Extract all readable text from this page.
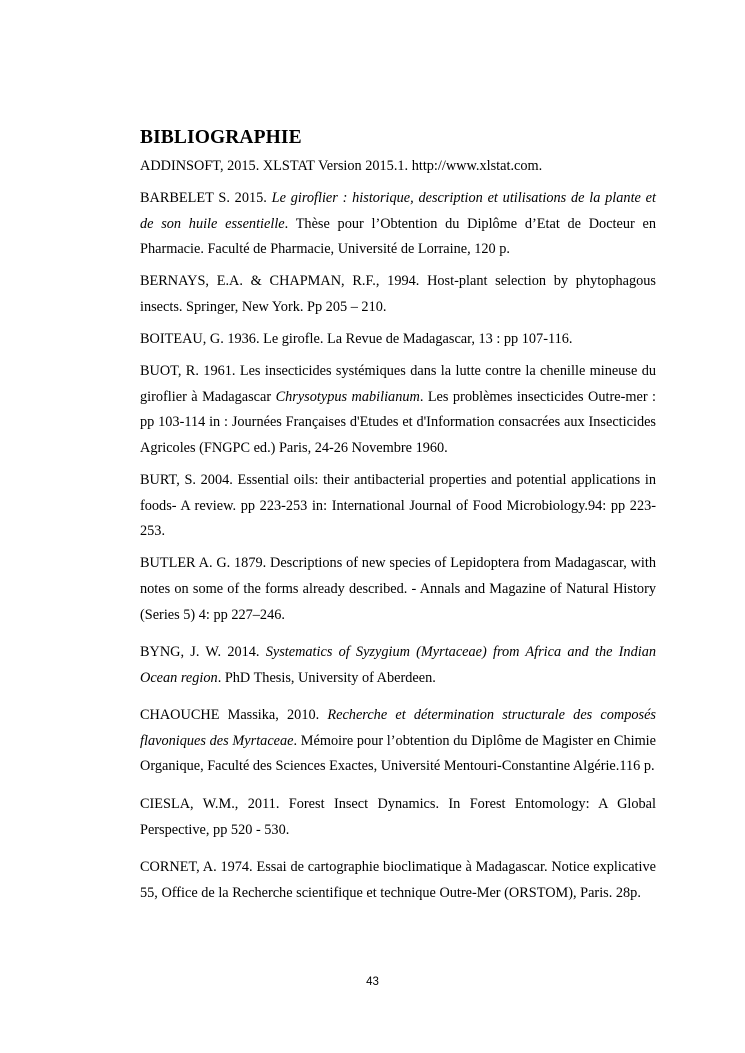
BIBLIOGRAPHIE

ADDINSOFT, 2015. XLSTAT Version 2015.1. http://www.xlstat.com.

BARBELET S. 2015. Le giroflier : historique, description et utilisations de la plante et de son huile essentielle. Thèse pour l’Obtention du Diplôme d’Etat de Docteur en Pharmacie. Faculté de Pharmacie, Université de Lorraine, 120 p.

BERNAYS, E.A. & CHAPMAN, R.F., 1994. Host-plant selection by phytophagous insects. Springer, New York. Pp 205 – 210.

BOITEAU, G. 1936. Le girofle. La Revue de Madagascar, 13 : pp 107-116.

BUOT, R. 1961. Les insecticides systémiques dans la lutte contre la chenille mineuse du giroflier à Madagascar Chrysotypus mabilianum. Les problèmes insecticides Outre-mer : pp 103-114 in : Journées Françaises d'Etudes et d'Information consacrées aux Insecticides Agricoles (FNGPC ed.) Paris, 24-26 Novembre 1960.

BURT, S. 2004. Essential oils: their antibacterial properties and potential applications in foods- A review. pp 223-253 in: International Journal of Food Microbiology.94: pp 223-253.

BUTLER A. G. 1879. Descriptions of new species of Lepidoptera from Madagascar, with notes on some of the forms already described. - Annals and Magazine of Natural History (Series 5) 4: pp 227–246.

BYNG, J. W. 2014. Systematics of Syzygium (Myrtaceae) from Africa and the Indian Ocean region. PhD Thesis, University of Aberdeen.

CHAOUCHE Massika, 2010. Recherche et détermination structurale des composés flavoniques des Myrtaceae. Mémoire pour l’obtention du Diplôme de Magister en Chimie Organique, Faculté des Sciences Exactes, Université Mentouri-Constantine Algérie.116 p.

CIESLA, W.M., 2011. Forest Insect Dynamics. In Forest Entomology: A Global Perspective, pp 520 - 530.

CORNET, A. 1974. Essai de cartographie bioclimatique à Madagascar. Notice explicative 55, Office de la Recherche scientifique et technique Outre-Mer (ORSTOM), Paris. 28p.

43
